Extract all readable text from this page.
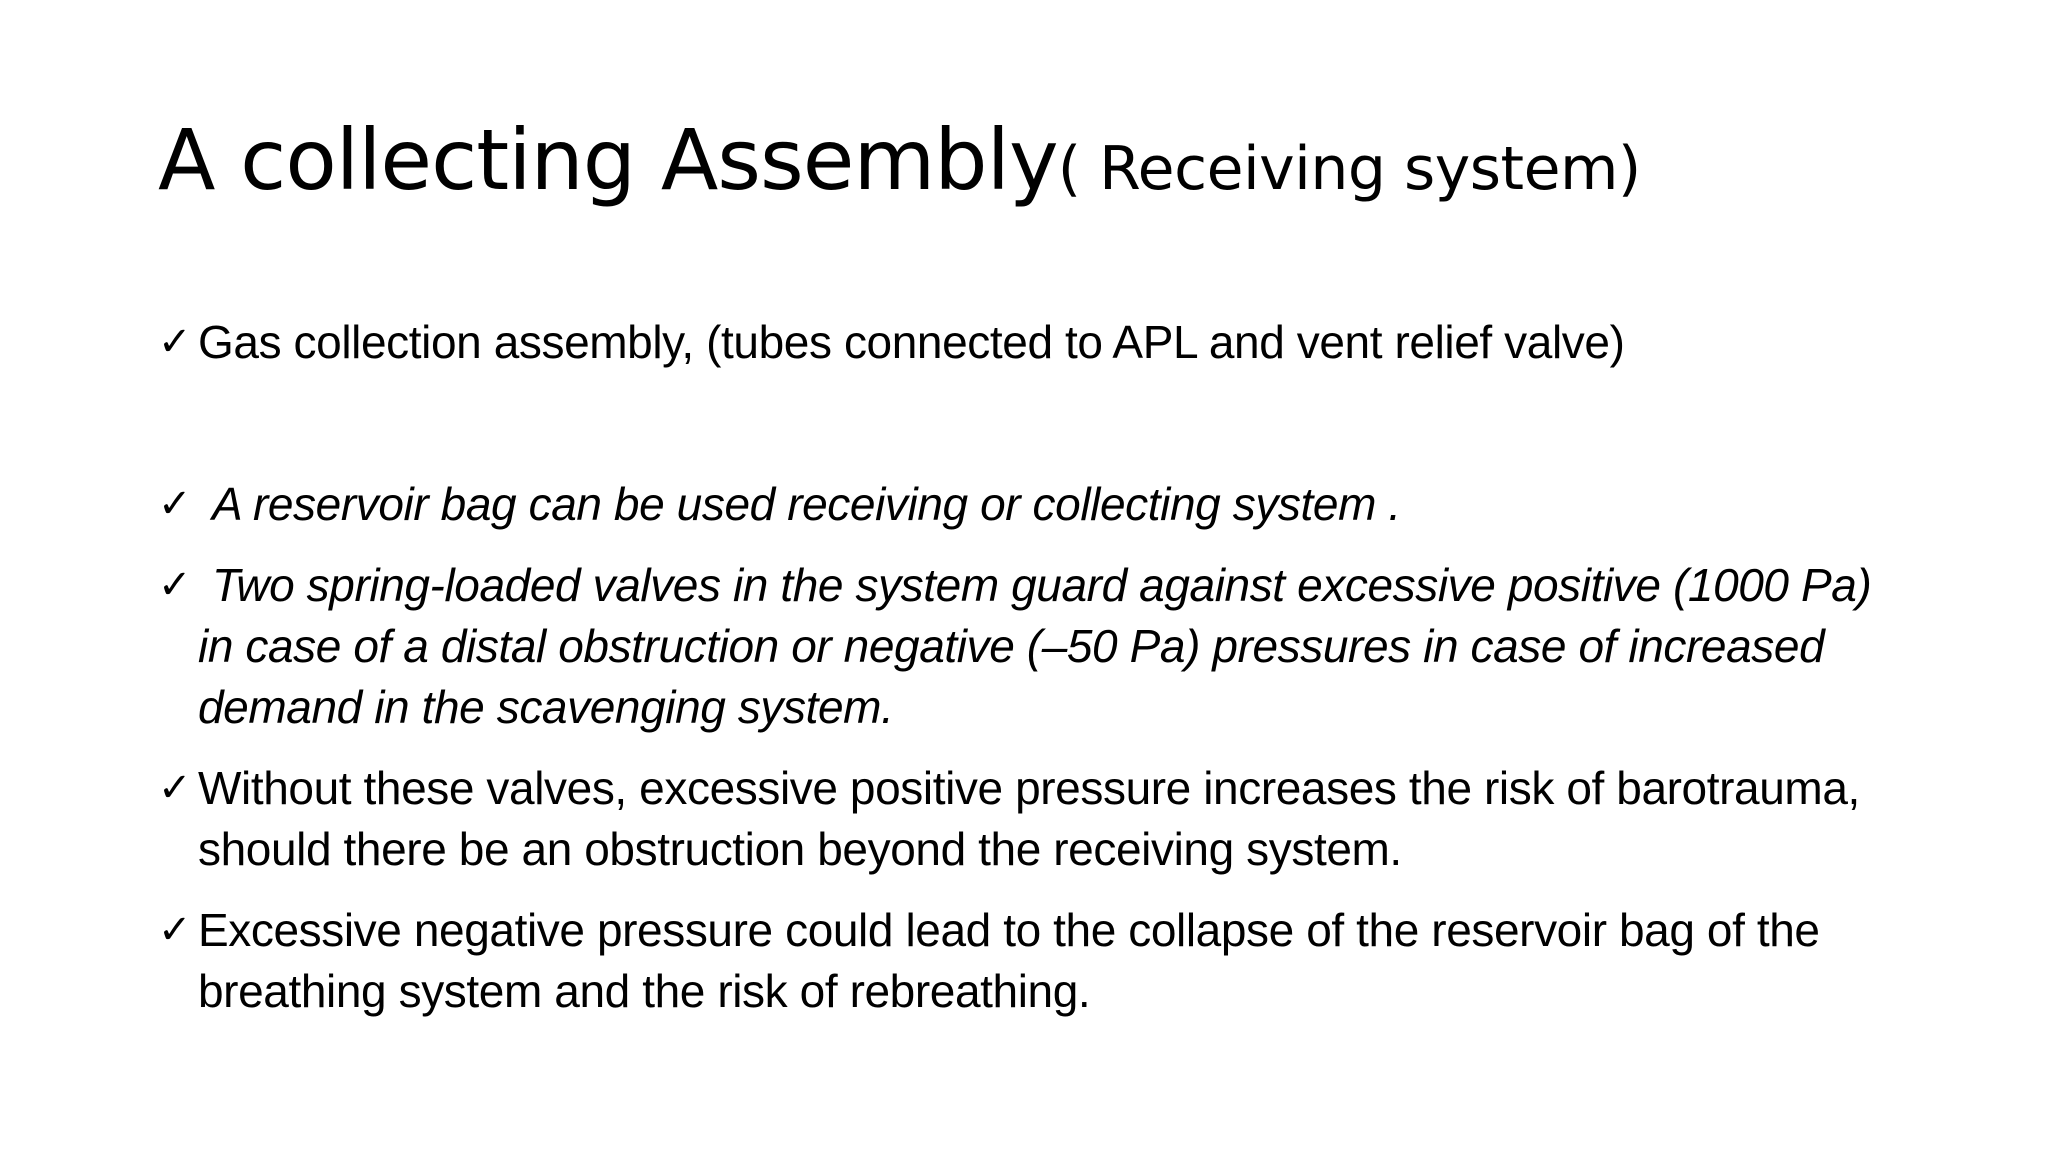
A collecting Assembly( Receiving system)
✓ Gas collection assembly, (tubes connected to APL and vent relief valve)
✓ A reservoir bag can be used receiving or collecting system .
✓ Two spring-loaded valves in the system guard against excessive positive (1000 Pa) in case of a distal obstruction or negative (–50 Pa) pressures in case of increased demand in the scavenging system.
✓ Without these valves, excessive positive pressure increases the risk of barotrauma, should there be an obstruction beyond the receiving system.
✓ Excessive negative pressure could lead to the collapse of the reservoir bag of the breathing system and the risk of rebreathing.
